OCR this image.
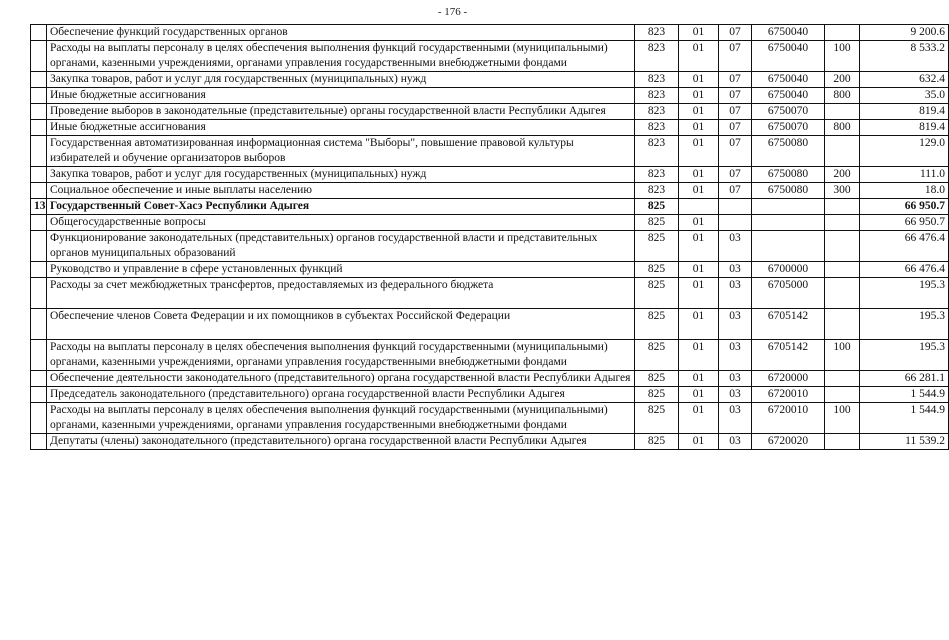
- 176 -
	Обеспечение функций государственных органов	823	01	07	6750040		9 200.6
	Расходы на выплаты персоналу в целях обеспечения выполнения функций государственными (муниципальными) органами, казенными учреждениями, органами управления государственными внебюджетными фондами	823	01	07	6750040	100	8 533.2
	Закупка товаров, работ и услуг для государственных (муниципальных) нужд	823	01	07	6750040	200	632.4
	Иные бюджетные ассигнования	823	01	07	6750040	800	35.0
	Проведение выборов в законодательные (представительные) органы государственной власти Республики Адыгея	823	01	07	6750070		819.4
	Иные бюджетные ассигнования	823	01	07	6750070	800	819.4
	Государственная автоматизированная информационная система "Выборы", повышение правовой культуры избирателей и обучение организаторов выборов	823	01	07	6750080		129.0
	Закупка товаров, работ и услуг для государственных (муниципальных) нужд	823	01	07	6750080	200	111.0
	Социальное обеспечение и иные выплаты населению	823	01	07	6750080	300	18.0
13	Государственный Совет-Хасэ Республики Адыгея	825					66 950.7
	Общегосударственные вопросы	825	01				66 950.7
	Функционирование законодательных (представительных) органов государственной власти и представительных органов муниципальных образований	825	01	03			66 476.4
	Руководство и управление в сфере установленных функций	825	01	03	6700000		66 476.4
	Расходы за счет межбюджетных трансфертов, предоставляемых из федерального бюджета	825	01	03	6705000		195.3
	Обеспечение членов Совета Федерации и их помощников в субъектах Российской Федерации	825	01	03	6705142		195.3
	Расходы на выплаты персоналу в целях обеспечения выполнения функций государственными (муниципальными) органами, казенными учреждениями, органами управления государственными внебюджетными фондами	825	01	03	6705142	100	195.3
	Обеспечение деятельности законодательного (представительного) органа государственной власти Республики Адыгея	825	01	03	6720000		66 281.1
	Председатель законодательного (представительного) органа государственной власти Республики Адыгея	825	01	03	6720010		1 544.9
	Расходы на выплаты персоналу в целях обеспечения выполнения функций государственными (муниципальными) органами, казенными учреждениями, органами управления государственными внебюджетными фондами	825	01	03	6720010	100	1 544.9
	Депутаты (члены) законодательного (представительного) органа государственной власти Республики Адыгея	825	01	03	6720020		11 539.2
